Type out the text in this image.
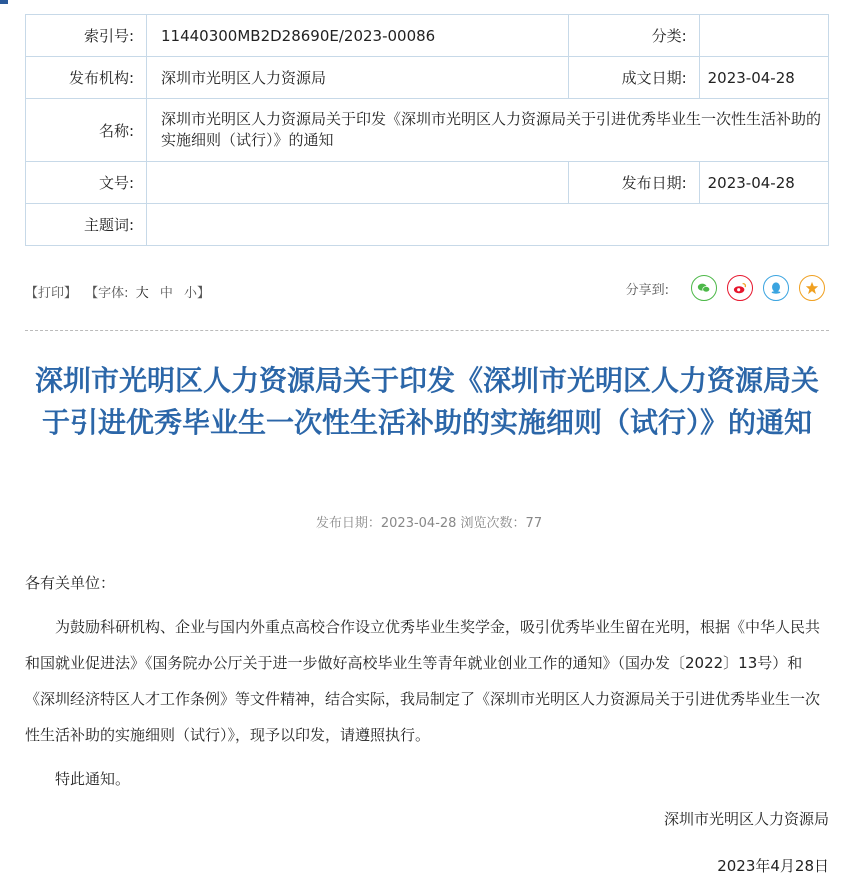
索引号:	11440300MB2D28690E/2023-00086	分类:	
发布机构:	深圳市光明区人力资源局	成文日期:	2023-04-28
名称:	深圳市光明区人力资源局关于印发《深圳市光明区人力资源局关于引进优秀毕业生一次性生活补助的实施细则（试行）》的通知		
文号:		发布日期:	2023-04-28
主题词:			
【打印】 【字体: 大 中 小】	分享到:
深圳市光明区人力资源局关于印发《深圳市光明区人力资源局关于引进优秀毕业生一次性生活补助的实施细则（试行）》的通知
发布日期：2023-04-28 浏览次数：77

各有关单位：

为鼓励科研机构、企业与国内外重点高校合作设立优秀毕业生奖学金，吸引优秀毕业生留在光明，根据《中华人民共和国就业促进法》《国务院办公厅关于进一步做好高校毕业生等青年就业创业工作的通知》（国办发〔2022〕13号）和《深圳经济特区人才工作条例》等文件精神，结合实际，我局制定了《深圳市光明区人力资源局关于引进优秀毕业生一次性生活补助的实施细则（试行）》，现予以印发，请遵照执行。

特此通知。

深圳市光明区人力资源局
2023年4月28日
